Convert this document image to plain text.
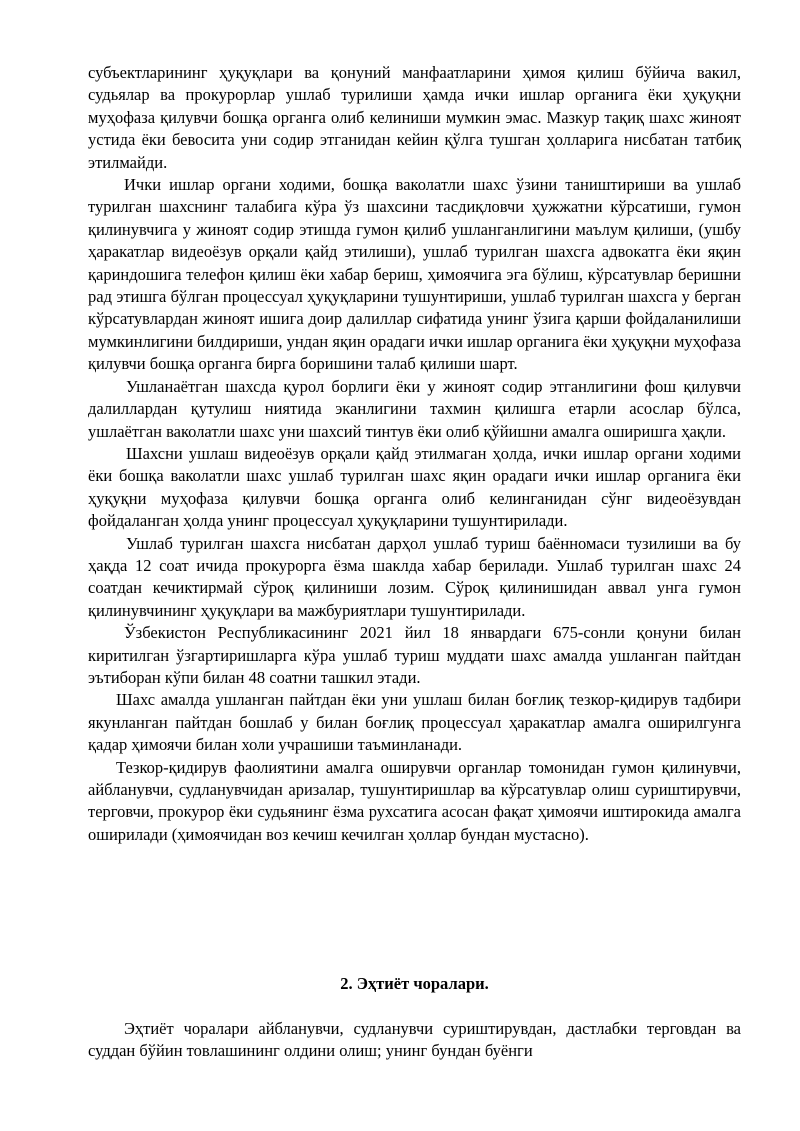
субъектларининг ҳуқуқлари ва қонуний манфаатларини ҳимоя қилиш бўйича вакил, судьялар ва прокурорлар ушлаб турилиши ҳамда ички ишлар органига ёки ҳуқуқни муҳофаза қилувчи бошқа органга олиб келиниши мумкин эмас. Мазкур тақиқ шахс жиноят устида ёки бевосита уни содир этганидан кейин қўлга тушган ҳолларига нисбатан татбиқ этилмайди.

Ички ишлар органи ходими, бошқа ваколатли шахс ўзини таништириши ва ушлаб турилган шахснинг талабига кўра ўз шахсини тасдиқловчи ҳужжатни кўрсатиши, гумон қилинувчига у жиноят содир этишда гумон қилиб ушланганлигини маълум қилиши, (ушбу ҳаракатлар видеоёзув орқали қайд этилиши), ушлаб турилган шахсга адвокатга ёки яқин қариндошига телефон қилиш ёки хабар бериш, ҳимоячига эга бўлиш, кўрсатувлар беришни рад этишга бўлган процессуал ҳуқуқларини тушунтириши, ушлаб турилган шахсга у берган кўрсатувлардан жиноят ишига доир далиллар сифатида унинг ўзига қарши фойдаланилиши мумкинлигини билдириши, ундан яқин орадаги ички ишлар органига ёки ҳуқуқни муҳофаза қилувчи бошқа органга бирга боришини талаб қилиши шарт.

Ушланаётган шахсда қурол борлиги ёки у жиноят содир этганлигини фош қилувчи далиллардан қутулиш ниятида эканлигини тахмин қилишга етарли асослар бўлса, ушлаётган ваколатли шахс уни шахсий тинтув ёки олиб қўйишни амалга оширишга ҳақли.

Шахсни ушлаш видеоёзув орқали қайд этилмаган ҳолда, ички ишлар органи ходими ёки бошқа ваколатли шахс ушлаб турилган шахс яқин орадаги ички ишлар органига ёки ҳуқуқни муҳофаза қилувчи бошқа органга олиб келинганидан сўнг видеоёзувдан фойдаланган ҳолда унинг процессуал ҳуқуқларини тушунтирилади.

Ушлаб турилган шахсга нисбатан дарҳол ушлаб туриш баённомаси тузилиши ва бу ҳақда 12 соат ичида прокурорга ёзма шаклда хабар берилади. Ушлаб турилган шахс 24 соатдан кечиктирмай сўроқ қилиниши лозим. Сўроқ қилинишидан аввал унга гумон қилинувчининг ҳуқуқлари ва мажбуриятлари тушунтирилади.

Ўзбекистон Республикасининг 2021 йил 18 январдаги 675-сонли қонуни билан киритилган ўзгартиришларга кўра ушлаб туриш муддати шахс амалда ушланган пайтдан эътиборан кўпи билан 48 соатни ташкил этади.

Шахс амалда ушланган пайтдан ёки уни ушлаш билан боғлиқ тезкор-қидирув тадбири якунланган пайтдан бошлаб у билан боғлиқ процессуал ҳаракатлар амалга оширилгунга қадар ҳимоячи билан холи учрашиши таъминланади.

Тезкор-қидирув фаолиятини амалга оширувчи органлар томонидан гумон қилинувчи, айбланувчи, судланувчидан аризалар, тушунтиришлар ва кўрсатувлар олиш суриштирувчи, терговчи, прокурор ёки судьянинг ёзма рухсатига асосан фақат ҳимоячи иштирокида амалга оширилади (ҳимоячидан воз кечиш кечилган ҳоллар бундан мустасно).

2. Эҳтиёт чоралари.

Эҳтиёт чоралари айбланувчи, судланувчи суриштирувдан, дастлабки терговдан ва суддан бўйин товлашининг олдини олиш; унинг бундан буёнги
